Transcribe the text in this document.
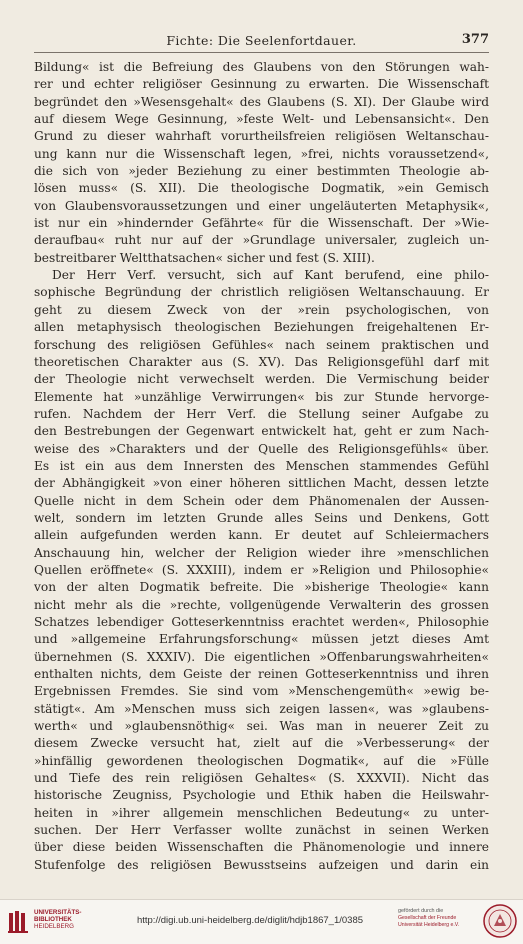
Fichte: Die Seelenfortdauer.	377
Bildung« ist die Befreiung des Glaubens von den Störungen wah-
rer und echter religiöser Gesinnung zu erwarten. Die Wissenschaft
begründet den »Wesensgehalt« des Glaubens (S. XI). Der Glaube wird
auf diesem Wege Gesinnung, »feste Welt- und Lebensansicht«. Den
Grund zu dieser wahrhaft vorurtheilsfreien religiösen Weltanschau-
ung kann nur die Wissenschaft legen, »frei, nichts voraussetzend«,
die sich von »jeder Beziehung zu einer bestimmten Theologie ab-
lösen muss« (S. XII). Die theologische Dogmatik, »ein Gemisch
von Glaubensvoraussetzungen und einer ungeläuterten Metaphysik«,
ist nur ein »hindernder Gefährte« für die Wissenschaft. Der »Wie-
deraufbau« ruht nur auf der »Grundlage universaler, zugleich un-
bestreitbarer Weltthatsachen« sicher und fest (S. XIII).
Der Herr Verf. versucht, sich auf Kant berufend, eine philo-
sophische Begründung der christlich religiösen Weltanschauung. Er
geht zu diesem Zweck von der »rein psychologischen, von
allen metaphysisch theologischen Beziehungen freigehaltenen Er-
forschung des religiösen Gefühles« nach seinem praktischen und
theoretischen Charakter aus (S. XV). Das Religionsgefühl darf mit
der Theologie nicht verwechselt werden. Die Vermischung beider
Elemente hat »unzählige Verwirrungen« bis zur Stunde hervorge-
rufen. Nachdem der Herr Verf. die Stellung seiner Aufgabe zu
den Bestrebungen der Gegenwart entwickelt hat, geht er zum Nach-
weise des »Charakters und der Quelle des Religionsgefühls« über.
Es ist ein aus dem Innersten des Menschen stammendes Gefühl
der Abhängigkeit »von einer höheren sittlichen Macht, dessen letzte
Quelle nicht in dem Schein oder dem Phänomenalen der Aussen-
welt, sondern im letzten Grunde alles Seins und Denkens, Gott
allein aufgefunden werden kann. Er deutet auf Schleiermachers
Anschauung hin, welcher der Religion wieder ihre »menschlichen
Quellen eröffnete« (S. XXXIII), indem er »Religion und Philosophie«
von der alten Dogmatik befreite. Die »bisherige Theologie« kann
nicht mehr als die »rechte, vollgenügende Verwalterin des grossen
Schatzes lebendiger Gotteserkenntniss erachtet werden«, Philosophie
und »allgemeine Erfahrungsforschung« müssen jetzt dieses Amt
übernehmen (S. XXXIV). Die eigentlichen »Offenbarungswahrheiten«
enthalten nichts, dem Geiste der reinen Gotteserkenntniss und ihren
Ergebnissen Fremdes. Sie sind vom »Menschengemüth« »ewig be-
stätigt«. Am »Menschen muss sich zeigen lassen«, was »glaubens-
werth« und »glaubensnöthig« sei. Was man in neuerer Zeit zu
diesem Zwecke versucht hat, zielt auf die »Verbesserung« der
»hinfällig gewordenen theologischen Dogmatik«, auf die »Fülle
und Tiefe des rein religiösen Gehaltes« (S. XXXVII). Nicht das
historische Zeugniss, Psychologie und Ethik haben die Heilswahr-
heiten in »ihrer allgemein menschlichen Bedeutung« zu unter-
suchen. Der Herr Verfasser wollte zunächst in seinen Werken
über diese beiden Wissenschaften die Phänomenologie und innere
Stufenfolge des religiösen Bewusstseins aufzeigen und darin ein
UNIVERSITÄTS-
BIBLIOTHEK
HEIDELBERG
http://digi.ub.uni-heidelberg.de/diglit/hdjb1867_1/0385
gefördert durch die
Gesellschaft der Freunde
Universität Heidelberg e.V.
